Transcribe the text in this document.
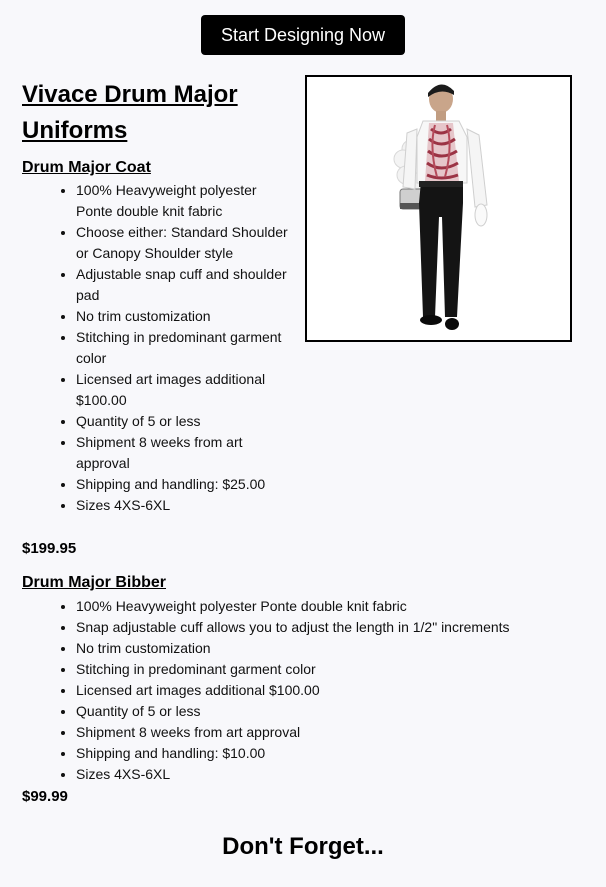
Start Designing Now
Vivace Drum Major Uniforms
Drum Major Coat
• 100% Heavyweight polyester Ponte double knit fabric
• Choose either: Standard Shoulder or Canopy Shoulder style
• Adjustable snap cuff and shoulder pad
• No trim customization
• Stitching in predominant garment color
• Licensed art images additional $100.00
• Quantity of 5 or less
• Shipment 8 weeks from art approval
• Shipping and handling: $25.00
• Sizes 4XS-6XL
$199.95
Drum Major Bibber
• 100% Heavyweight polyester Ponte double knit fabric
• Snap adjustable cuff allows you to adjust the length in 1/2" increments
• No trim customization
• Stitching in predominant garment color
• Licensed art images additional $100.00
• Quantity of 5 or less
• Shipment 8 weeks from art approval
• Shipping and handling: $10.00
• Sizes 4XS-6XL
$99.99
Don't Forget...
